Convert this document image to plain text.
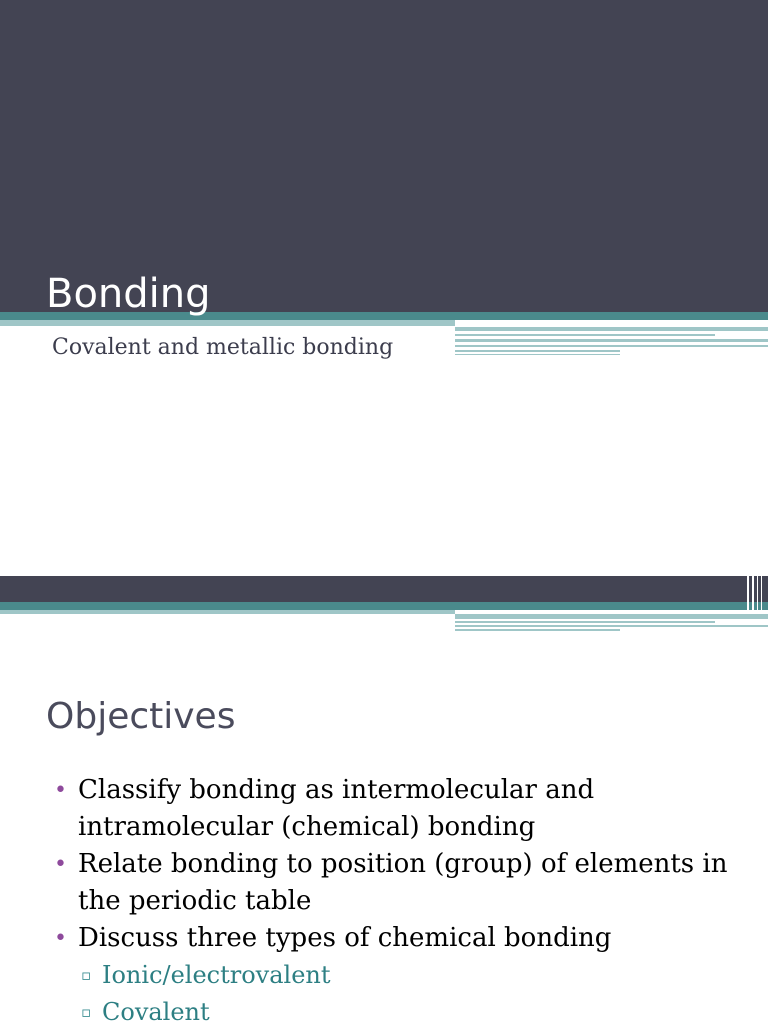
Bonding
Covalent and metallic bonding
Objectives
• Classify bonding as intermolecular and intramolecular (chemical) bonding
• Relate bonding to position (group) of elements in the periodic table
• Discuss three types of chemical bonding
▫ Ionic/electrovalent
▫ Covalent
